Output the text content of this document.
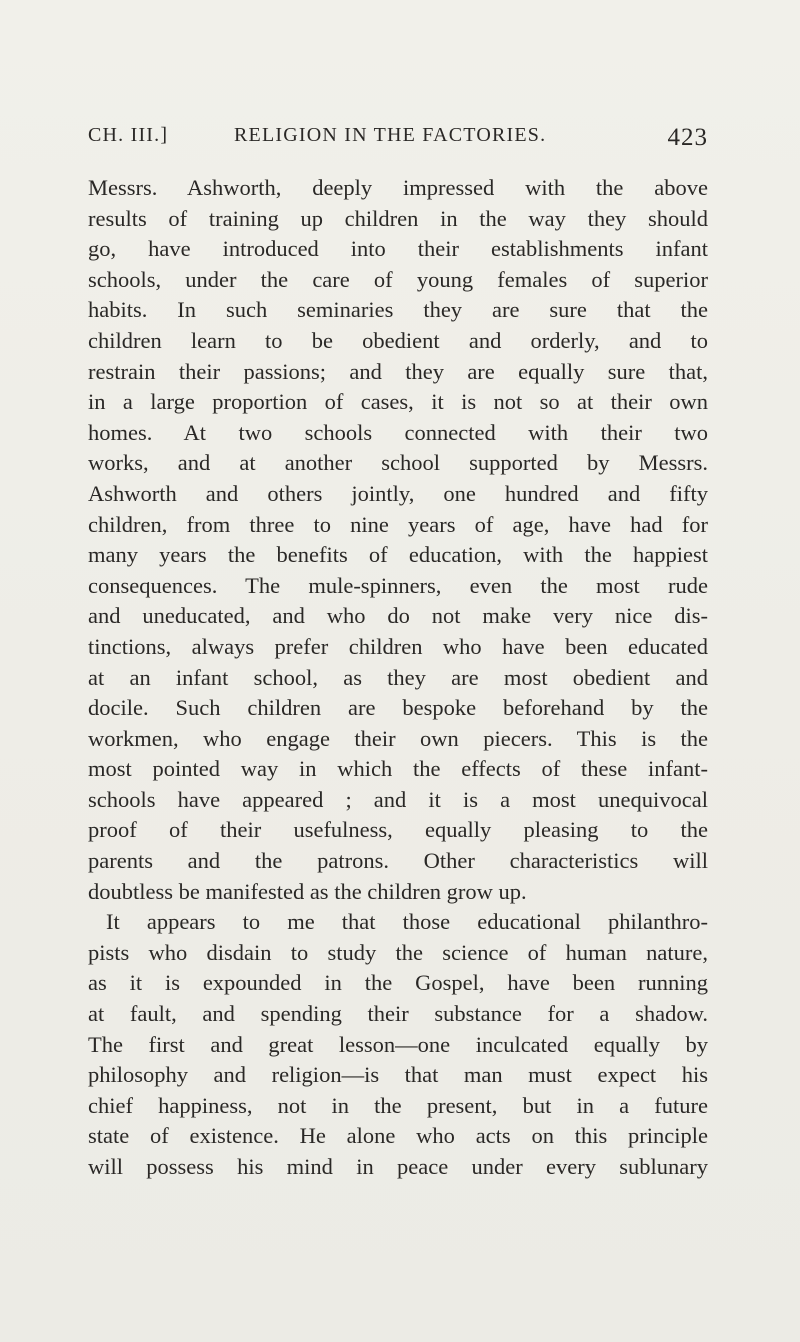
CH. III.]	RELIGION IN THE FACTORIES.	423
Messrs. Ashworth, deeply impressed with the above
results of training up children in the way they should
go, have introduced into their establishments infant
schools, under the care of young females of superior
habits. In such seminaries they are sure that the
children learn to be obedient and orderly, and to
restrain their passions; and they are equally sure that,
in a large proportion of cases, it is not so at their own
homes. At two schools connected with their two
works, and at another school supported by Messrs.
Ashworth and others jointly, one hundred and fifty
children, from three to nine years of age, have had for
many years the benefits of education, with the happiest
consequences. The mule-spinners, even the most rude
and uneducated, and who do not make very nice dis-
tinctions, always prefer children who have been educated
at an infant school, as they are most obedient and
docile. Such children are bespoke beforehand by the
workmen, who engage their own piecers. This is the
most pointed way in which the effects of these infant-
schools have appeared ; and it is a most unequivocal
proof of their usefulness, equally pleasing to the
parents and the patrons. Other characteristics will
doubtless be manifested as the children grow up.
It appears to me that those educational philanthro-
pists who disdain to study the science of human nature,
as it is expounded in the Gospel, have been running
at fault, and spending their substance for a shadow.
The first and great lesson—one inculcated equally by
philosophy and religion—is that man must expect his
chief happiness, not in the present, but in a future
state of existence. He alone who acts on this principle
will possess his mind in peace under every sublunary
